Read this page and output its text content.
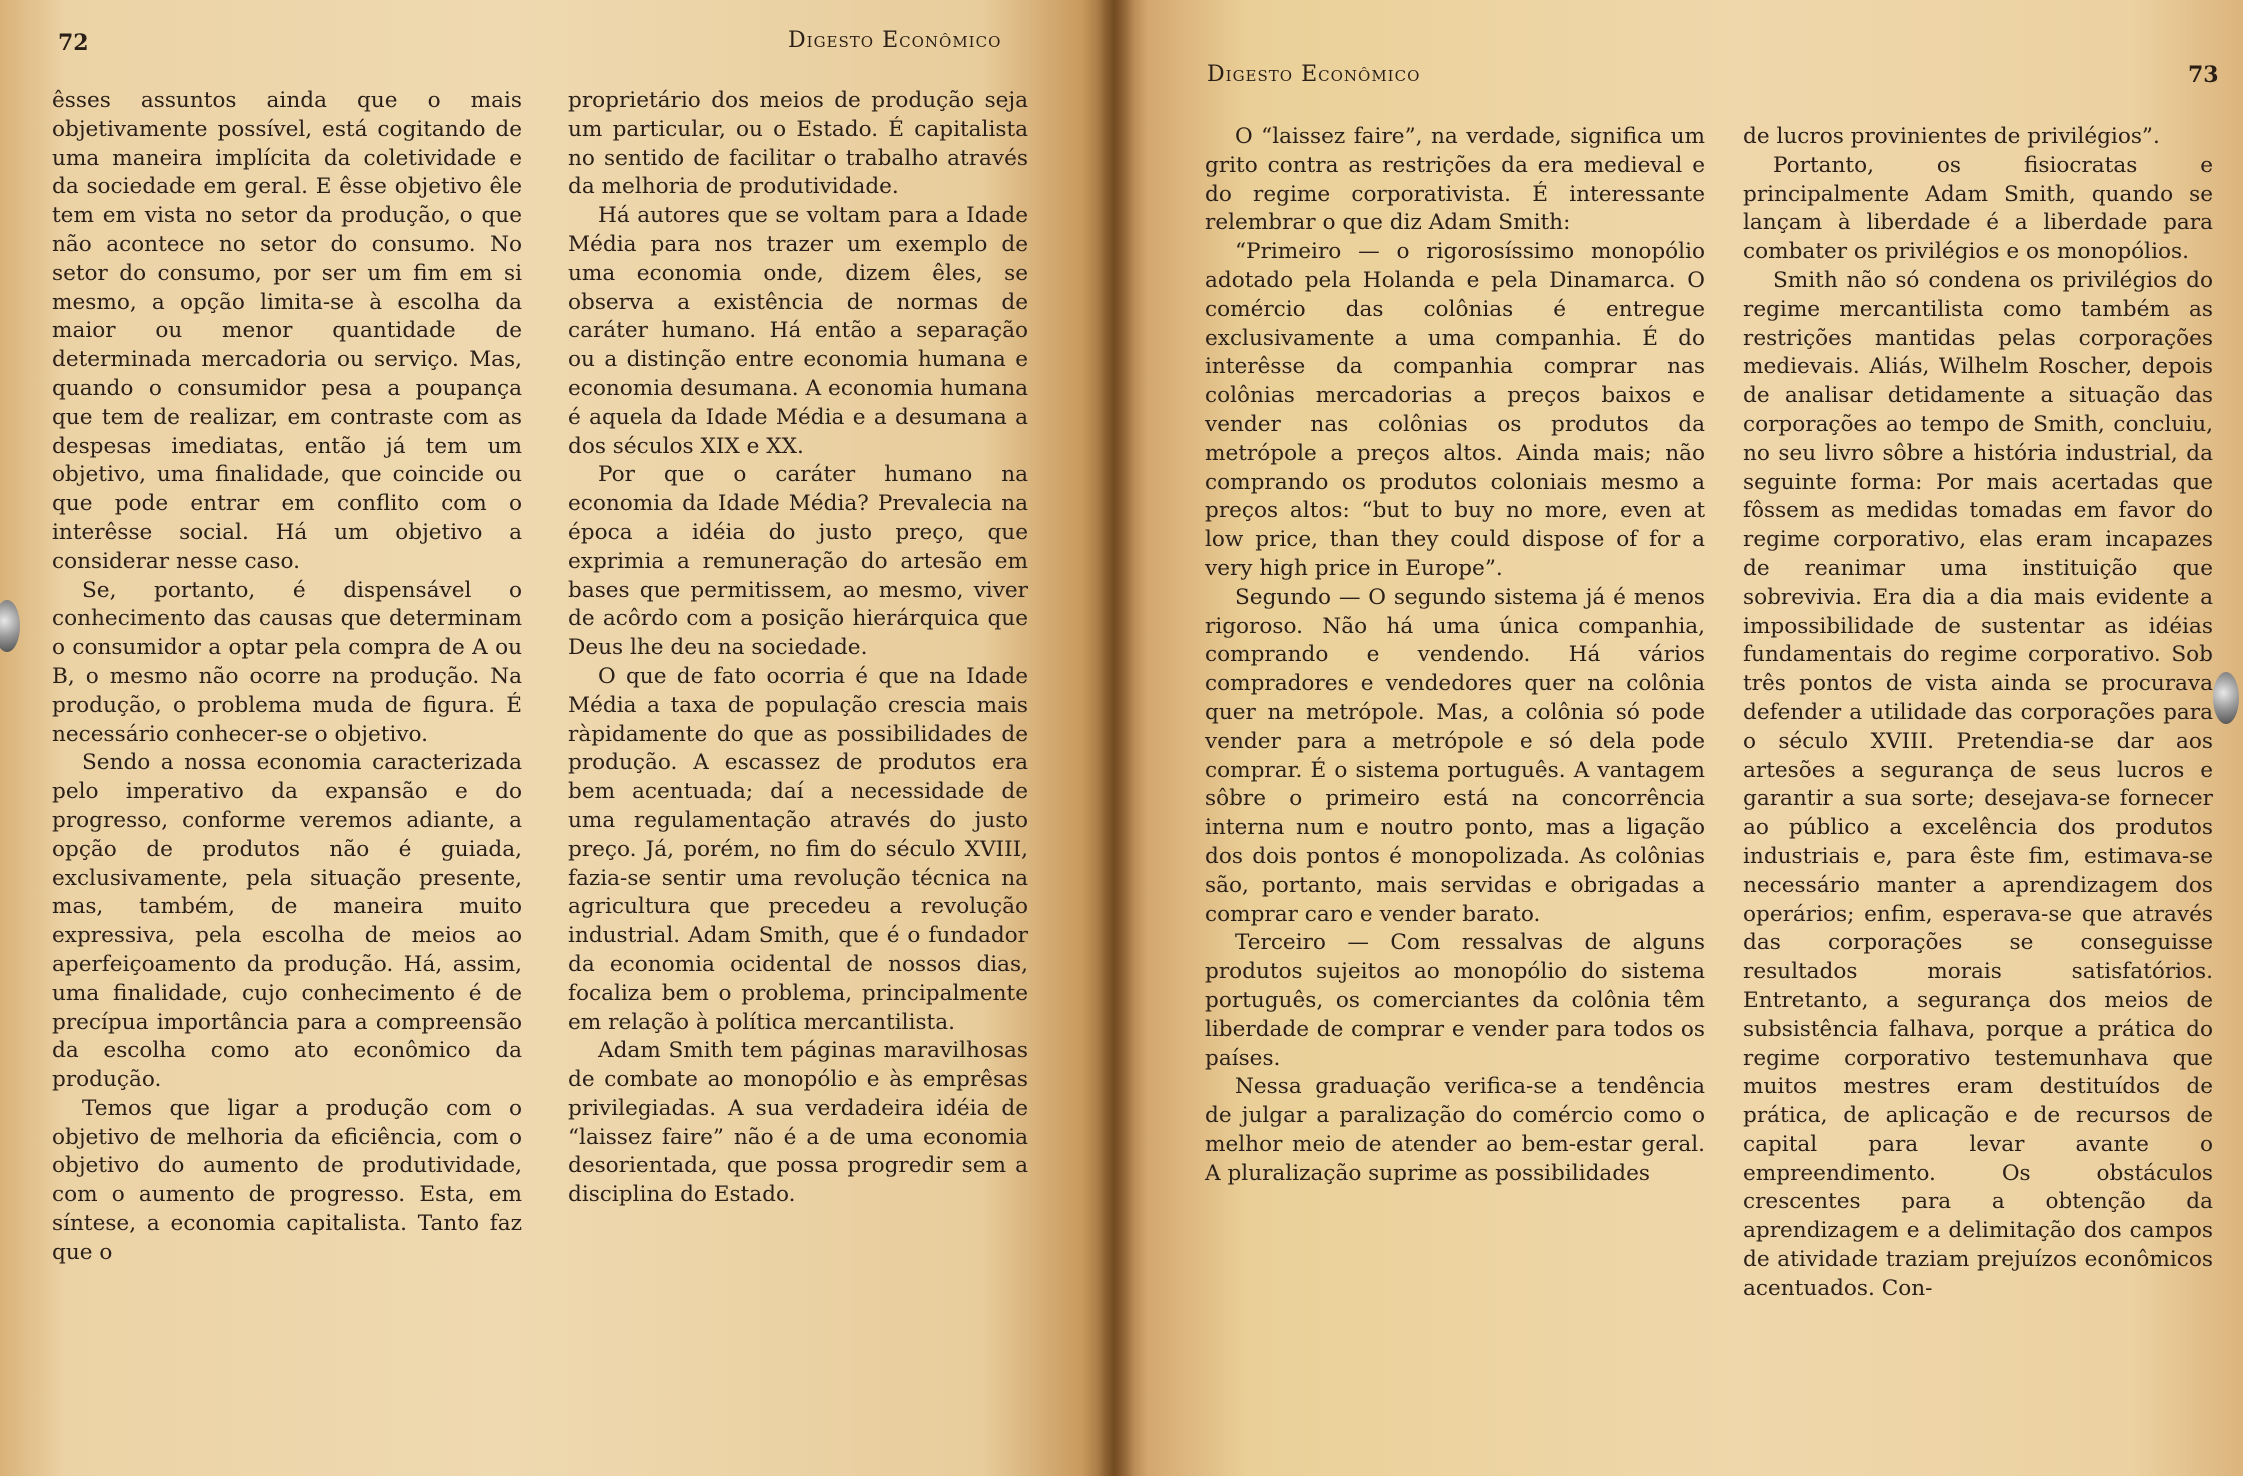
72	Digesto Econômico

êsses assuntos ainda que o mais objetivamente possível, está cogitando de uma maneira implícita da coletividade e da sociedade em geral. E êsse objetivo êle tem em vista no setor da produção, o que não acontece no setor do consumo. No setor do consumo, por ser um fim em si mesmo, a opção limita-se à escolha da maior ou menor quantidade de determinada mercadoria ou serviço. Mas, quando o consumidor pesa a poupança que tem de realizar, em contraste com as despesas imediatas, então já tem um objetivo, uma finalidade, que coincide ou que pode entrar em conflito com o interêsse social. Há um objetivo a considerar nesse caso.

Se, portanto, é dispensável o conhecimento das causas que determinam o consumidor a optar pela compra de A ou B, o mesmo não ocorre na produção. Na produção, o problema muda de figura. É necessário conhecer-se o objetivo.

Sendo a nossa economia caracterizada pelo imperativo da expansão e do progresso, conforme veremos adiante, a opção de produtos não é guiada, exclusivamente, pela situação presente, mas, também, de maneira muito expressiva, pela escolha de meios ao aperfeiçoamento da produção. Há, assim, uma finalidade, cujo conhecimento é de precípua importância para a compreensão da escolha como ato econômico da produção.

Temos que ligar a produção com o objetivo de melhoria da eficiência, com o objetivo do aumento de produtividade, com o aumento de progresso. Esta, em síntese, a economia capitalista. Tanto faz que o

proprietário dos meios de produção seja um particular, ou o Estado. É capitalista no sentido de facilitar o trabalho através da melhoria de produtividade.

Há autores que se voltam para a Idade Média para nos trazer um exemplo de uma economia onde, dizem êles, se observa a existência de normas de caráter humano. Há então a separação ou a distinção entre economia humana e economia desumana. A economia humana é aquela da Idade Média e a desumana a dos séculos XIX e XX.

Por que o caráter humano na economia da Idade Média? Prevalecia na época a idéia do justo preço, que exprimia a remuneração do artesão em bases que permitissem, ao mesmo, viver de acôrdo com a posição hierárquica que Deus lhe deu na sociedade.

O que de fato ocorria é que na Idade Média a taxa de população crescia mais ràpidamente do que as possibilidades de produção. A escassez de produtos era bem acentuada; daí a necessidade de uma regulamentação através do justo preço. Já, porém, no fim do século XVIII, fazia-se sentir uma revolução técnica na agricultura que precedeu a revolução industrial. Adam Smith, que é o fundador da economia ocidental de nossos dias, focaliza bem o problema, principalmente em relação à política mercantilista.

Adam Smith tem páginas maravilhosas de combate ao monopólio e às emprêsas privilegiadas. A sua verdadeira idéia de “laissez faire” não é a de uma economia desorientada, que possa progredir sem a disciplina do Estado.

Digesto Econômico	73

O “laissez faire”, na verdade, significa um grito contra as restrições da era medieval e do regime corporativista. É interessante relembrar o que diz Adam Smith:

“Primeiro — o rigorosíssimo monopólio adotado pela Holanda e pela Dinamarca. O comércio das colônias é entregue exclusivamente a uma companhia. É do interêsse da companhia comprar nas colônias mercadorias a preços baixos e vender nas colônias os produtos da metrópole a preços altos. Ainda mais; não comprando os produtos coloniais mesmo a preços altos: “but to buy no more, even at low price, than they could dispose of for a very high price in Europe”.

Segundo — O segundo sistema já é menos rigoroso. Não há uma única companhia, comprando e vendendo. Há vários compradores e vendedores quer na colônia quer na metrópole. Mas, a colônia só pode vender para a metrópole e só dela pode comprar. É o sistema português. A vantagem sôbre o primeiro está na concorrência interna num e noutro ponto, mas a ligação dos dois pontos é monopolizada. As colônias são, portanto, mais servidas e obrigadas a comprar caro e vender barato.

Terceiro — Com ressalvas de alguns produtos sujeitos ao monopólio do sistema português, os comerciantes da colônia têm liberdade de comprar e vender para todos os países.

Nessa graduação verifica-se a tendência de julgar a paralização do comércio como o melhor meio de atender ao bem-estar geral. A pluralização suprime as possibilidades

de lucros provinientes de privilégios”.

Portanto, os fisiocratas e principalmente Adam Smith, quando se lançam à liberdade é a liberdade para combater os privilégios e os monopólios.

Smith não só condena os privilégios do regime mercantilista como também as restrições mantidas pelas corporações medievais. Aliás, Wilhelm Roscher, depois de analisar detidamente a situação das corporações ao tempo de Smith, concluiu, no seu livro sôbre a história industrial, da seguinte forma: Por mais acertadas que fôssem as medidas tomadas em favor do regime corporativo, elas eram incapazes de reanimar uma instituição que sobrevivia. Era dia a dia mais evidente a impossibilidade de sustentar as idéias fundamentais do regime corporativo. Sob três pontos de vista ainda se procurava defender a utilidade das corporações para o século XVIII. Pretendia-se dar aos artesões a segurança de seus lucros e garantir a sua sorte; desejava-se fornecer ao público a excelência dos produtos industriais e, para êste fim, estimava-se necessário manter a aprendizagem dos operários; enfim, esperava-se que através das corporações se conseguisse resultados morais satisfatórios. Entretanto, a segurança dos meios de subsistência falhava, porque a prática do regime corporativo testemunhava que muitos mestres eram destituídos de prática, de aplicação e de recursos de capital para levar avante o empreendimento. Os obstáculos crescentes para a obtenção da aprendizagem e a delimitação dos campos de atividade traziam prejuízos econômicos acentuados. Con-
